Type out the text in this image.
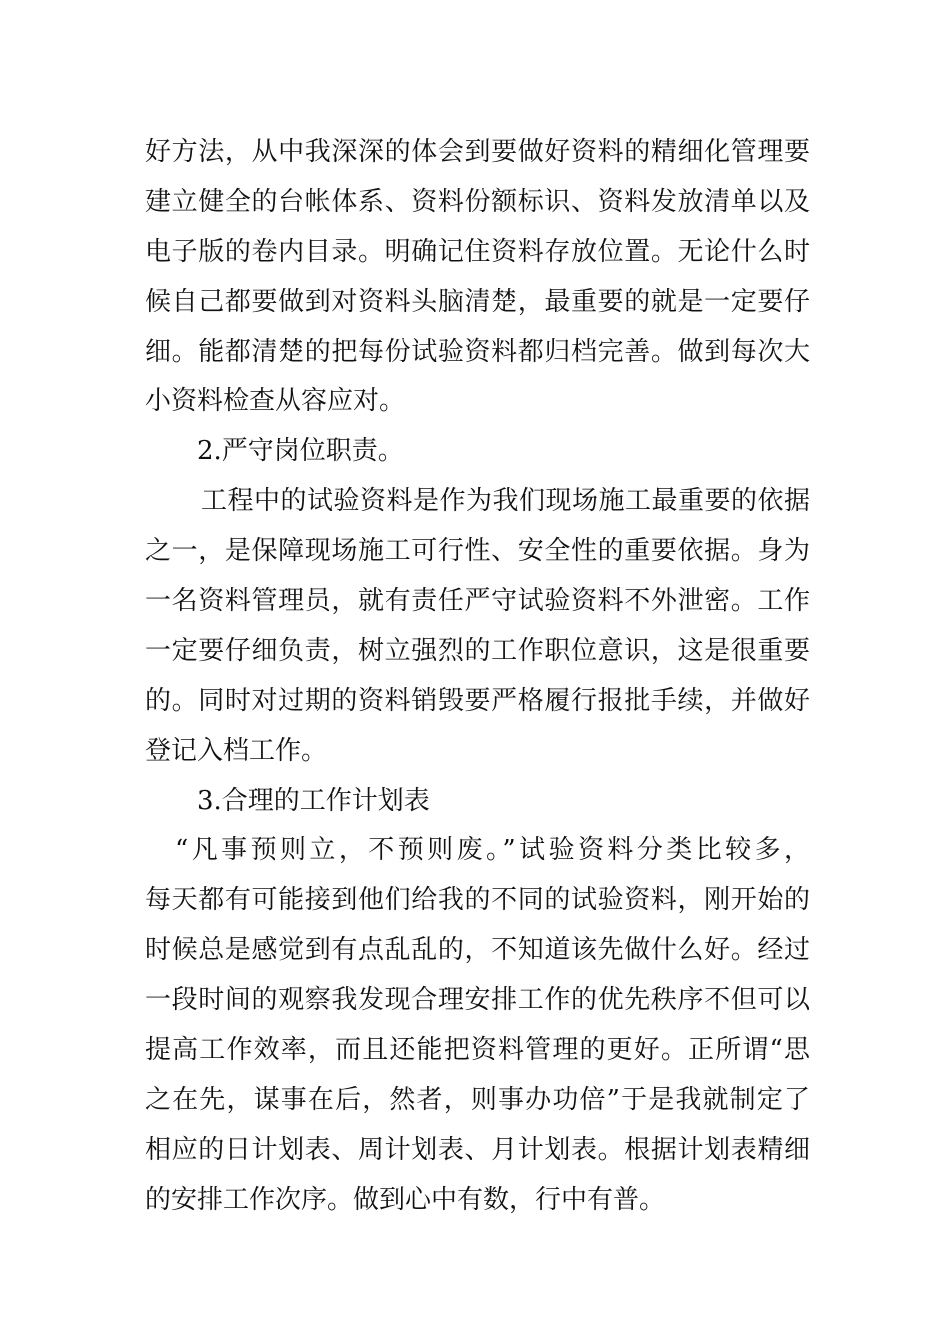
好方法，从中我深深的体会到要做好资料的精细化管理要
建立健全的台帐体系、资料份额标识、资料发放清单以及
电子版的卷内目录。明确记住资料存放位置。无论什么时
候自己都要做到对资料头脑清楚，最重要的就是一定要仔
细。能都清楚的把每份试验资料都归档完善。做到每次大
小资料检查从容应对。
2.严守岗位职责。
工程中的试验资料是作为我们现场施工最重要的依据
之一，是保障现场施工可行性、安全性的重要依据。身为
一名资料管理员，就有责任严守试验资料不外泄密。工作
一定要仔细负责，树立强烈的工作职位意识，这是很重要
的。同时对过期的资料销毁要严格履行报批手续，并做好
登记入档工作。
3.合理的工作计划表
“凡事预则立，不预则废。”试验资料分类比较多，
每天都有可能接到他们给我的不同的试验资料，刚开始的
时候总是感觉到有点乱乱的，不知道该先做什么好。经过
一段时间的观察我发现合理安排工作的优先秩序不但可以
提高工作效率，而且还能把资料管理的更好。正所谓“思
之在先，谋事在后，然者，则事办功倍”于是我就制定了
相应的日计划表、周计划表、月计划表。根据计划表精细
的安排工作次序。做到心中有数，行中有普。
